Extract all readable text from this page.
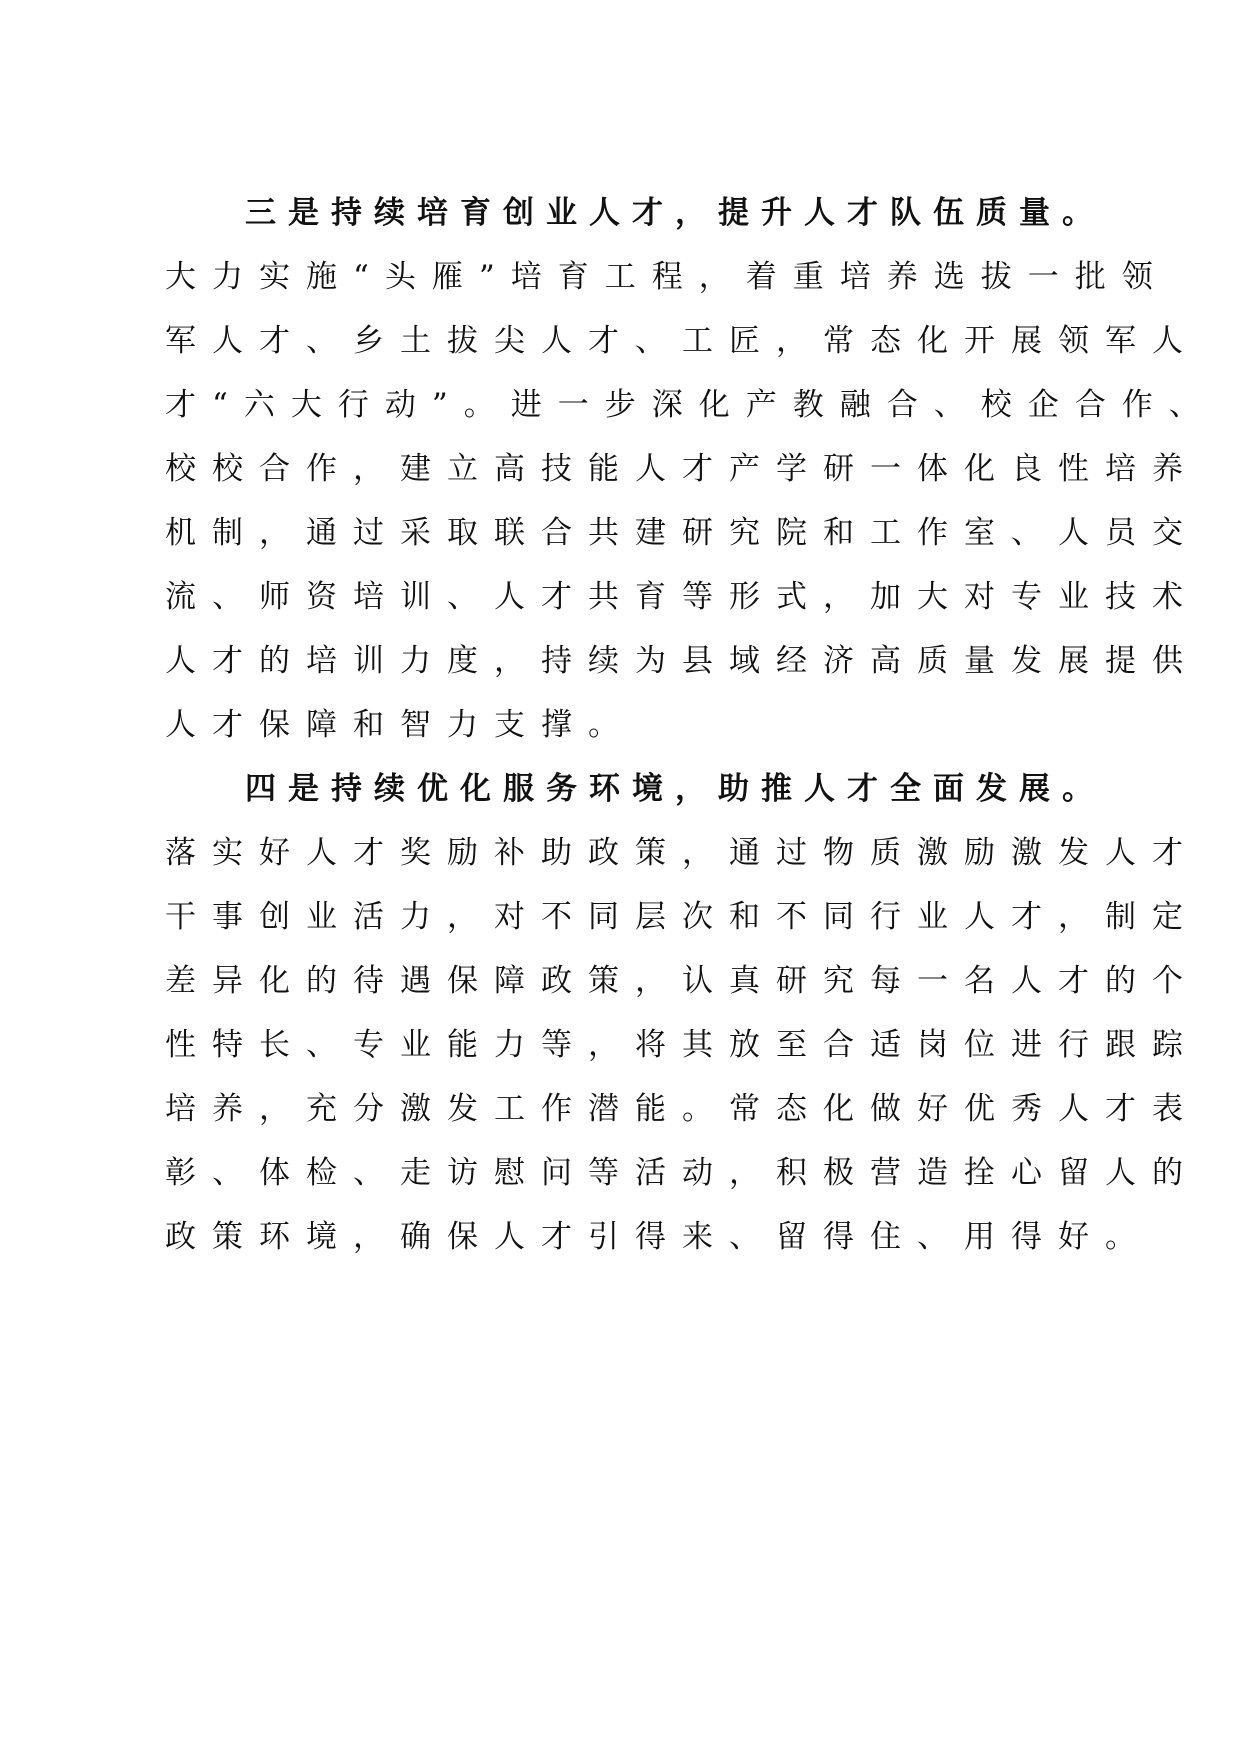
三是持续培育创业人才，提升人才队伍质量。
大力实施“头雁”培育工程，着重培养选拔一批领
军人才、乡土拔尖人才、工匠，常态化开展领军人
才“六大行动”。进一步深化产教融合、校企合作、
校校合作，建立高技能人才产学研一体化良性培养
机制，通过采取联合共建研究院和工作室、人员交
流、师资培训、人才共育等形式，加大对专业技术
人才的培训力度，持续为县域经济高质量发展提供
人才保障和智力支撑。
四是持续优化服务环境，助推人才全面发展。
落实好人才奖励补助政策，通过物质激励激发人才
干事创业活力，对不同层次和不同行业人才，制定
差异化的待遇保障政策，认真研究每一名人才的个
性特长、专业能力等，将其放至合适岗位进行跟踪
培养，充分激发工作潜能。常态化做好优秀人才表
彰、体检、走访慰问等活动，积极营造拴心留人的
政策环境，确保人才引得来、留得住、用得好。
